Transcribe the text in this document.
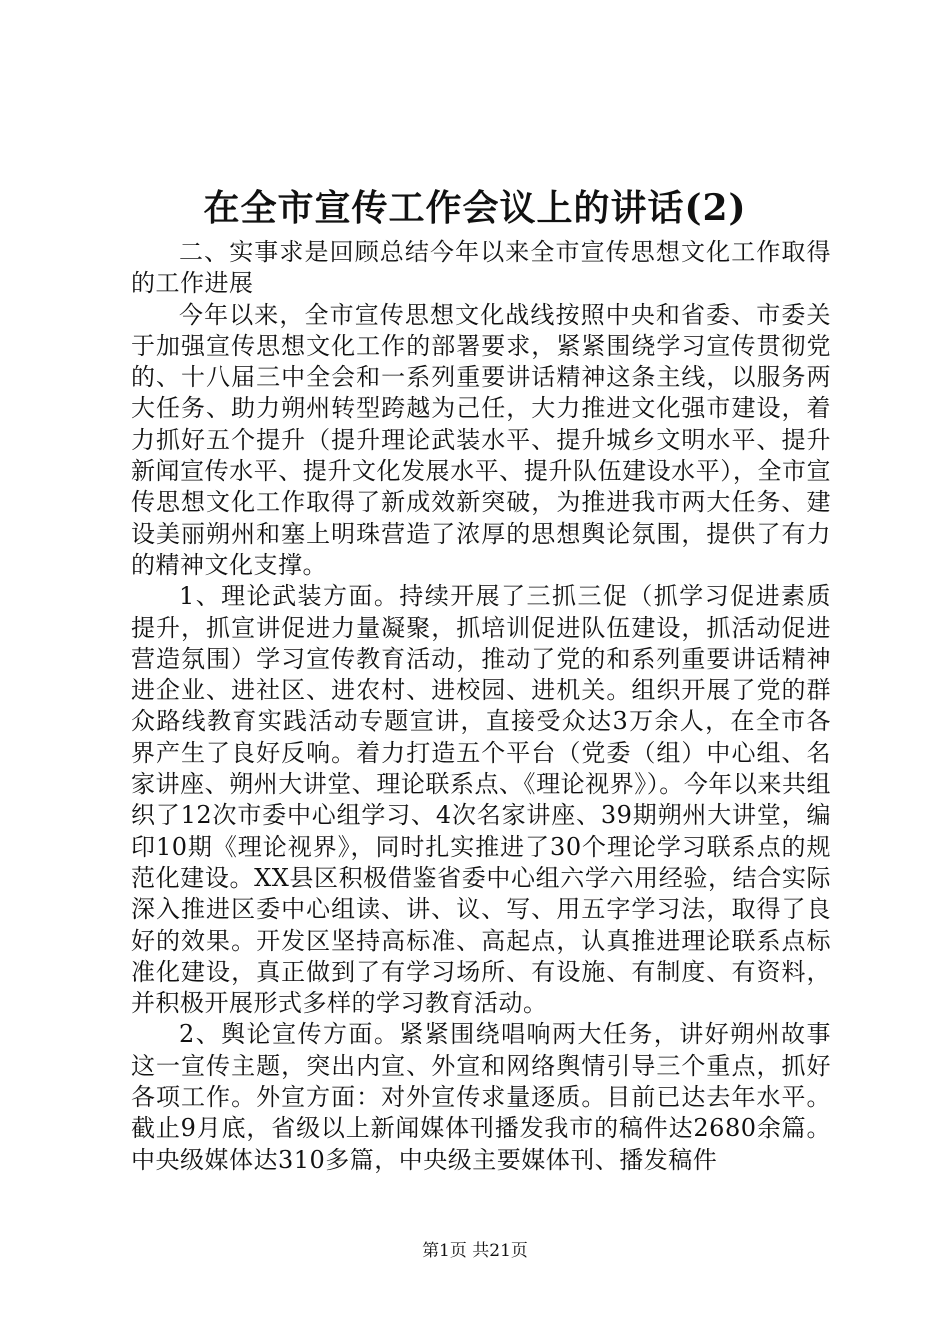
在全市宣传工作会议上的讲话(2)

二、实事求是回顾总结今年以来全市宣传思想文化工作取得的工作进展

今年以来，全市宣传思想文化战线按照中央和省委、市委关于加强宣传思想文化工作的部署要求，紧紧围绕学习宣传贯彻党的、十八届三中全会和一系列重要讲话精神这条主线，以服务两大任务、助力朔州转型跨越为己任，大力推进文化强市建设，着力抓好五个提升（提升理论武装水平、提升城乡文明水平、提升新闻宣传水平、提升文化发展水平、提升队伍建设水平），全市宣传思想文化工作取得了新成效新突破，为推进我市两大任务、建设美丽朔州和塞上明珠营造了浓厚的思想舆论氛围，提供了有力的精神文化支撑。

1、理论武装方面。持续开展了三抓三促（抓学习促进素质提升，抓宣讲促进力量凝聚，抓培训促进队伍建设，抓活动促进营造氛围）学习宣传教育活动，推动了党的和系列重要讲话精神进企业、进社区、进农村、进校园、进机关。组织开展了党的群众路线教育实践活动专题宣讲，直接受众达3万余人，在全市各界产生了良好反响。着力打造五个平台（党委（组）中心组、名家讲座、朔州大讲堂、理论联系点、《理论视界》）。今年以来共组织了12次市委中心组学习、4次名家讲座、39期朔州大讲堂，编印10期《理论视界》，同时扎实推进了30个理论学习联系点的规范化建设。XX县区积极借鉴省委中心组六学六用经验，结合实际深入推进区委中心组读、讲、议、写、用五字学习法，取得了良好的效果。开发区坚持高标准、高起点，认真推进理论联系点标准化建设，真正做到了有学习场所、有设施、有制度、有资料，并积极开展形式多样的学习教育活动。

2、舆论宣传方面。紧紧围绕唱响两大任务，讲好朔州故事这一宣传主题，突出内宣、外宣和网络舆情引导三个重点，抓好各项工作。外宣方面：对外宣传求量逐质。目前已达去年水平。截止9月底，省级以上新闻媒体刊播发我市的稿件达2680余篇。中央级媒体达310多篇，中央级主要媒体刊、播发稿件

第1页 共21页
